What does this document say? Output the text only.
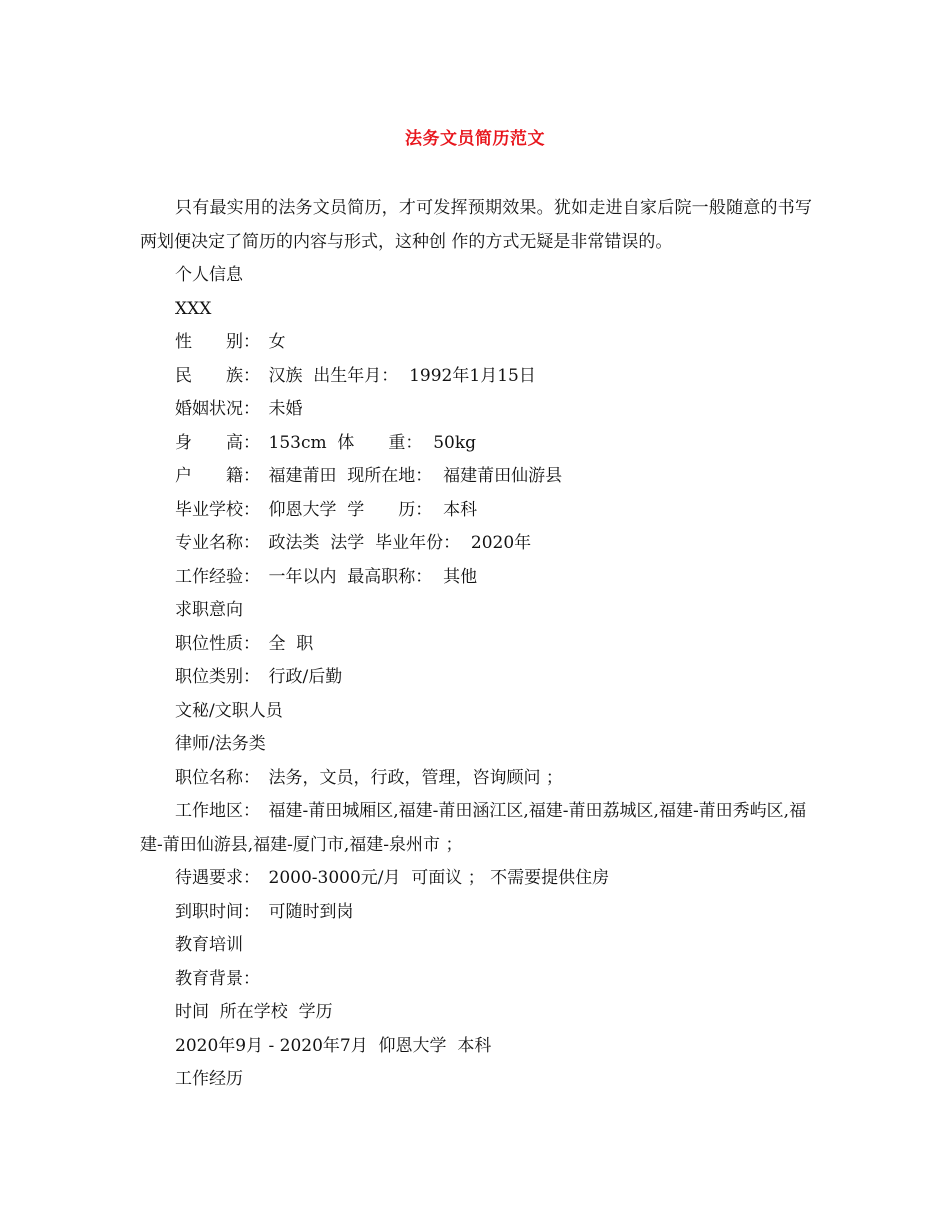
法务文员简历范文

只有最实用的法务文员简历，才可发挥预期效果。犹如走进自家后院一般随意的书写两划便决定了简历的内容与形式，这种创 作的方式无疑是非常错误的。

个人信息

XXX

性　　别：　女

民　　族：　汉族  出生年月：  1992年1月15日

婚姻状况：　未婚

身　　高：　153cm  体　　重：  50kg

户　　籍：　福建莆田  现所在地：  福建莆田仙游县

毕业学校：　仰恩大学  学　　历：  本科

专业名称：　政法类  法学  毕业年份：  2020年

工作经验：　一年以内  最高职称：  其他

求职意向

职位性质：　全  职

职位类别：　行政/后勤

文秘/文职人员

律师/法务类

职位名称：　法务，文员，行政，管理，咨询顾问 ；

工作地区：　福建-莆田城厢区,福建-莆田涵江区,福建-莆田荔城区,福建-莆田秀屿区,福建-莆田仙游县,福建-厦门市,福建-泉州市 ；

待遇要求：　2000-3000元/月  可面议 ； 不需要提供住房

到职时间：　可随时到岗

教育培训

教育背景：

时间  所在学校  学历

2020年9月 - 2020年7月  仰恩大学  本科

工作经历
